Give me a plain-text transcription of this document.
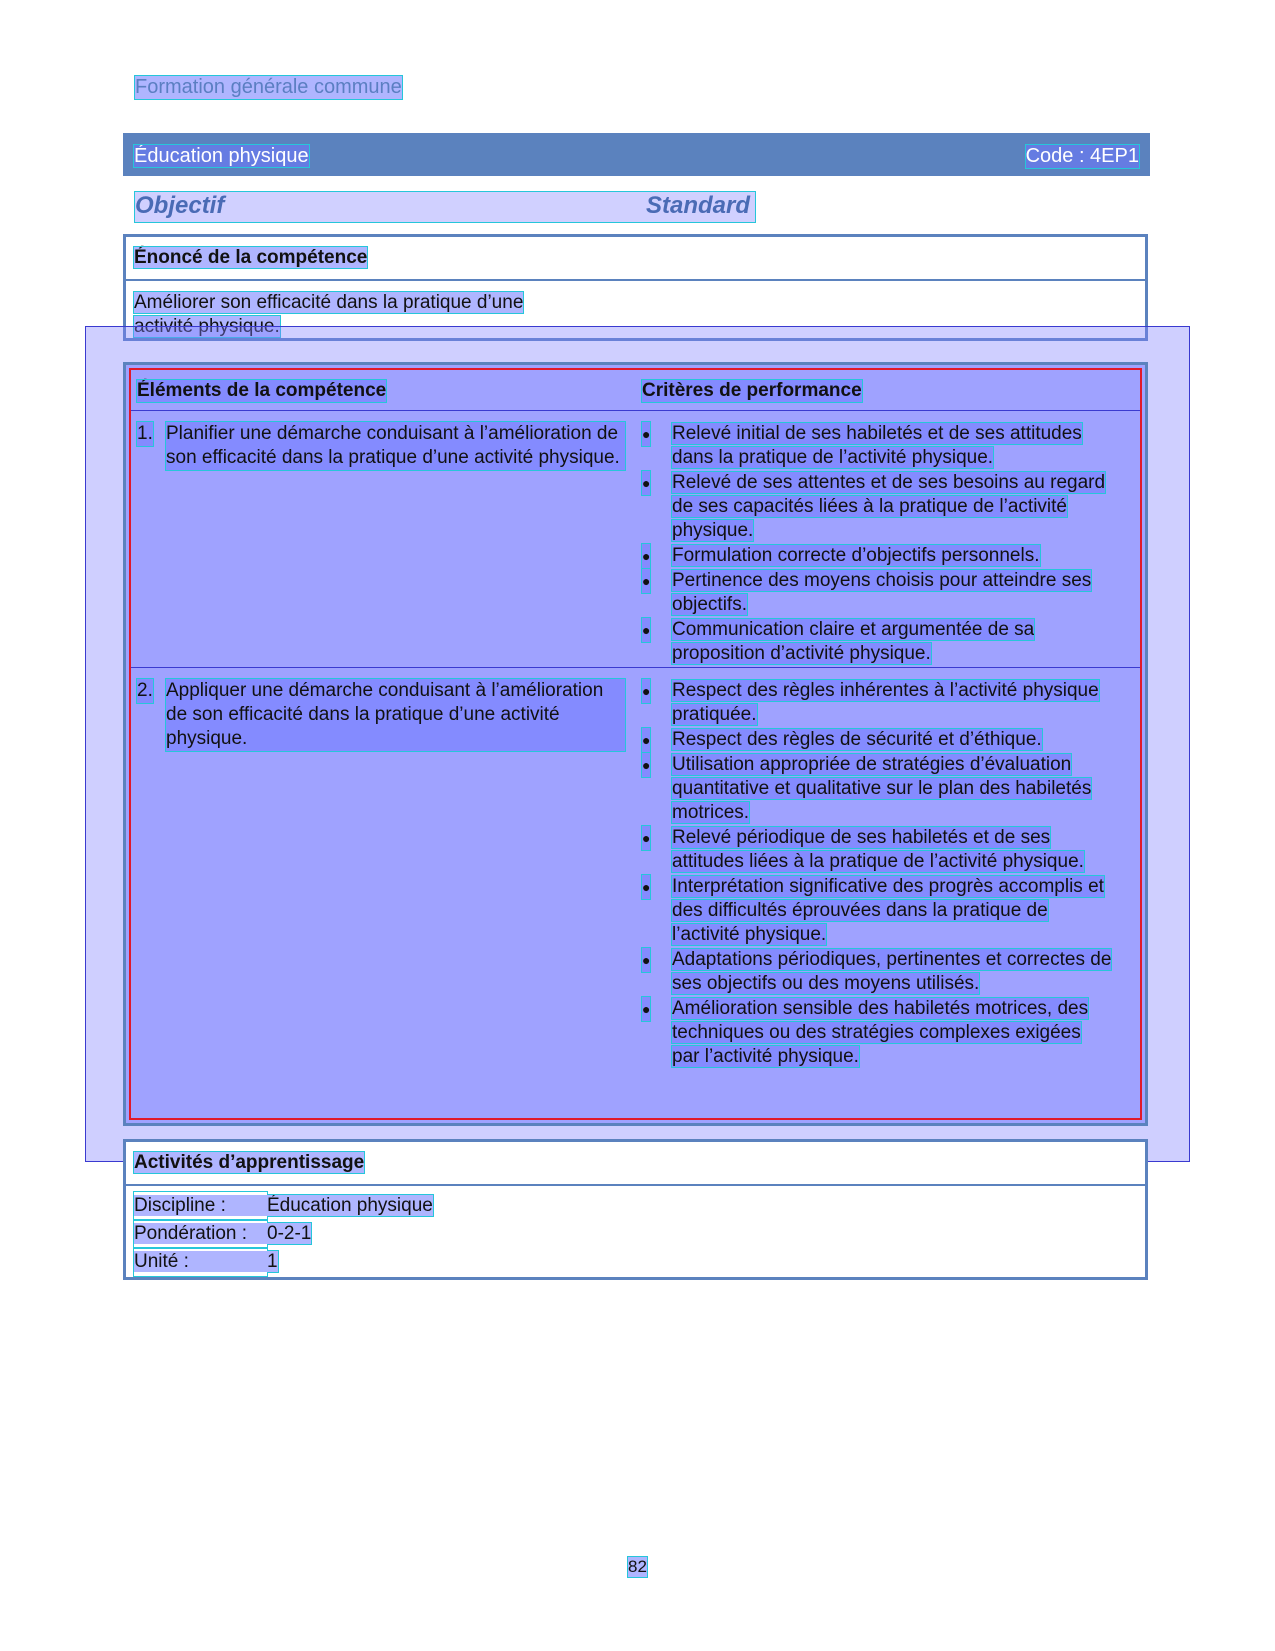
Formation générale commune
Éducation physique	Code : 4EP1
Objectif	Standard
Énoncé de la compétence
Améliorer son efficacité dans la pratique d’une activité physique.
Éléments de la compétence	Critères de performance
1. Planifier une démarche conduisant à l’amélioration de son efficacité dans la pratique d’une activité physique.
● Relevé initial de ses habiletés et de ses attitudes dans la pratique de l’activité physique.
● Relevé de ses attentes et de ses besoins au regard de ses capacités liées à la pratique de l’activité physique.
● Formulation correcte d’objectifs personnels.
● Pertinence des moyens choisis pour atteindre ses objectifs.
● Communication claire et argumentée de sa proposition d’activité physique.
2. Appliquer une démarche conduisant à l’amélioration de son efficacité dans la pratique d’une activité physique.
● Respect des règles inhérentes à l’activité physique pratiquée.
● Respect des règles de sécurité et d’éthique.
● Utilisation appropriée de stratégies d’évaluation quantitative et qualitative sur le plan des habiletés motrices.
● Relevé périodique de ses habiletés et de ses attitudes liées à la pratique de l’activité physique.
● Interprétation significative des progrès accomplis et des difficultés éprouvées dans la pratique de l’activité physique.
● Adaptations périodiques, pertinentes et correctes de ses objectifs ou des moyens utilisés.
● Amélioration sensible des habiletés motrices, des techniques ou des stratégies complexes exigées par l’activité physique.
Activités d’apprentissage
Discipline : Éducation physique
Pondération : 0-2-1
Unité :	1
82
